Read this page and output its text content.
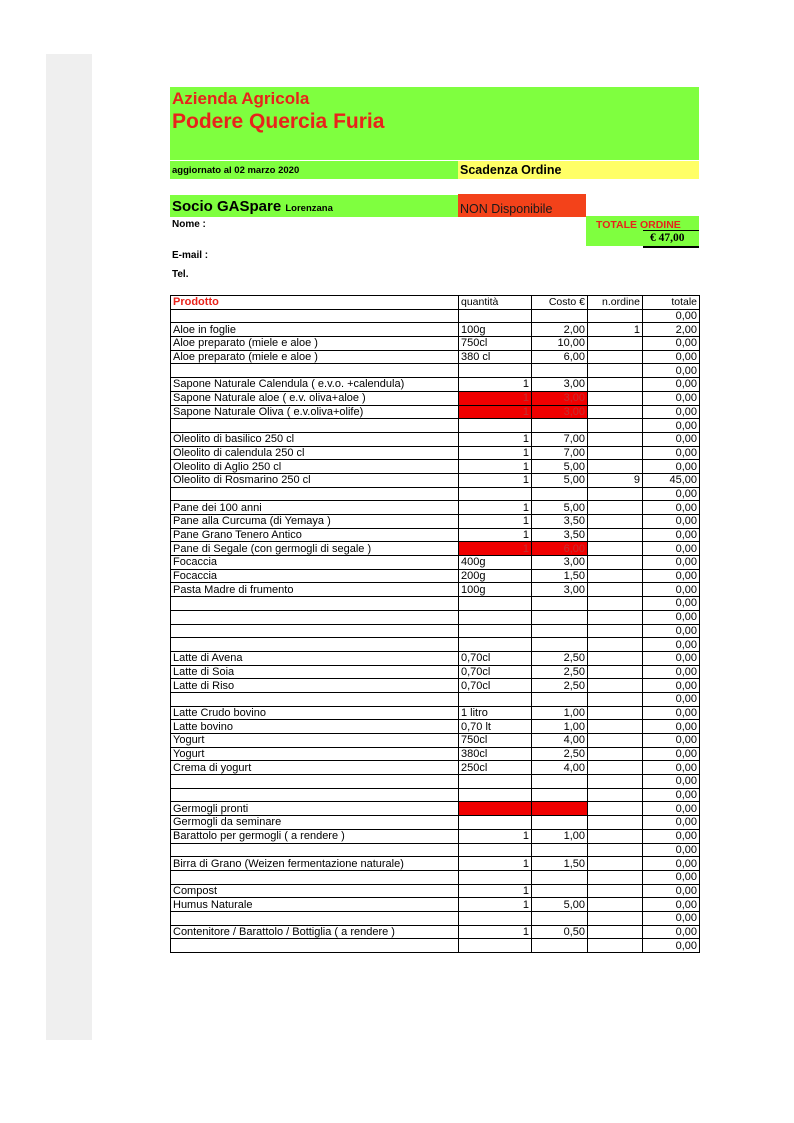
Azienda Agricola
Podere Quercia Furia
aggiornato al 02 marzo 2020	Scadenza Ordine
Socio GASpare Lorenzana	NON Disponibile
TOTALE ORDINE
€ 47,00
Nome :
E-mail :
Tel.
Prodotto	quantità	Costo €	n.ordine	totale
				0,00
Aloe in foglie	100g	2,00	1	2,00
Aloe preparato (miele e aloe )	750cl	10,00		0,00
Aloe preparato (miele e aloe )	380 cl	6,00		0,00
				0,00
Sapone Naturale Calendula ( e.v.o. +calendula)	1	3,00		0,00
Sapone Naturale aloe ( e.v. oliva+aloe )	1	3,00		0,00
Sapone Naturale Oliva ( e.v.oliva+olife)	1	3,00		0,00
				0,00
Oleolito di basilico 250 cl	1	7,00		0,00
Oleolito di calendula 250 cl	1	7,00		0,00
Oleolito di Aglio 250 cl	1	5,00		0,00
Oleolito di Rosmarino 250 cl	1	5,00	9	45,00
				0,00
Pane dei 100 anni	1	5,00		0,00
Pane alla Curcuma (di Yemaya )	1	3,50		0,00
Pane Grano Tenero Antico	1	3,50		0,00
Pane di Segale (con germogli di segale )	1	6,00		0,00
Focaccia	400g	3,00		0,00
Focaccia	200g	1,50		0,00
Pasta Madre di frumento	100g	3,00		0,00
				0,00
				0,00
				0,00
				0,00
Latte di Avena	0,70cl	2,50		0,00
Latte di Soia	0,70cl	2,50		0,00
Latte di Riso	0,70cl	2,50		0,00
				0,00
Latte Crudo bovino	1 litro	1,00		0,00
Latte bovino	0,70 lt	1,00		0,00
Yogurt	750cl	4,00		0,00
Yogurt	380cl	2,50		0,00
Crema di yogurt	250cl	4,00		0,00
				0,00
				0,00
Germogli pronti				0,00
Germogli da seminare				0,00
Barattolo per germogli ( a rendere )	1	1,00		0,00
				0,00
Birra di Grano (Weizen fermentazione naturale)	1	1,50		0,00
				0,00
Compost	1			0,00
Humus Naturale	1	5,00		0,00
				0,00
Contenitore / Barattolo / Bottiglia ( a rendere )	1	0,50		0,00
				0,00
